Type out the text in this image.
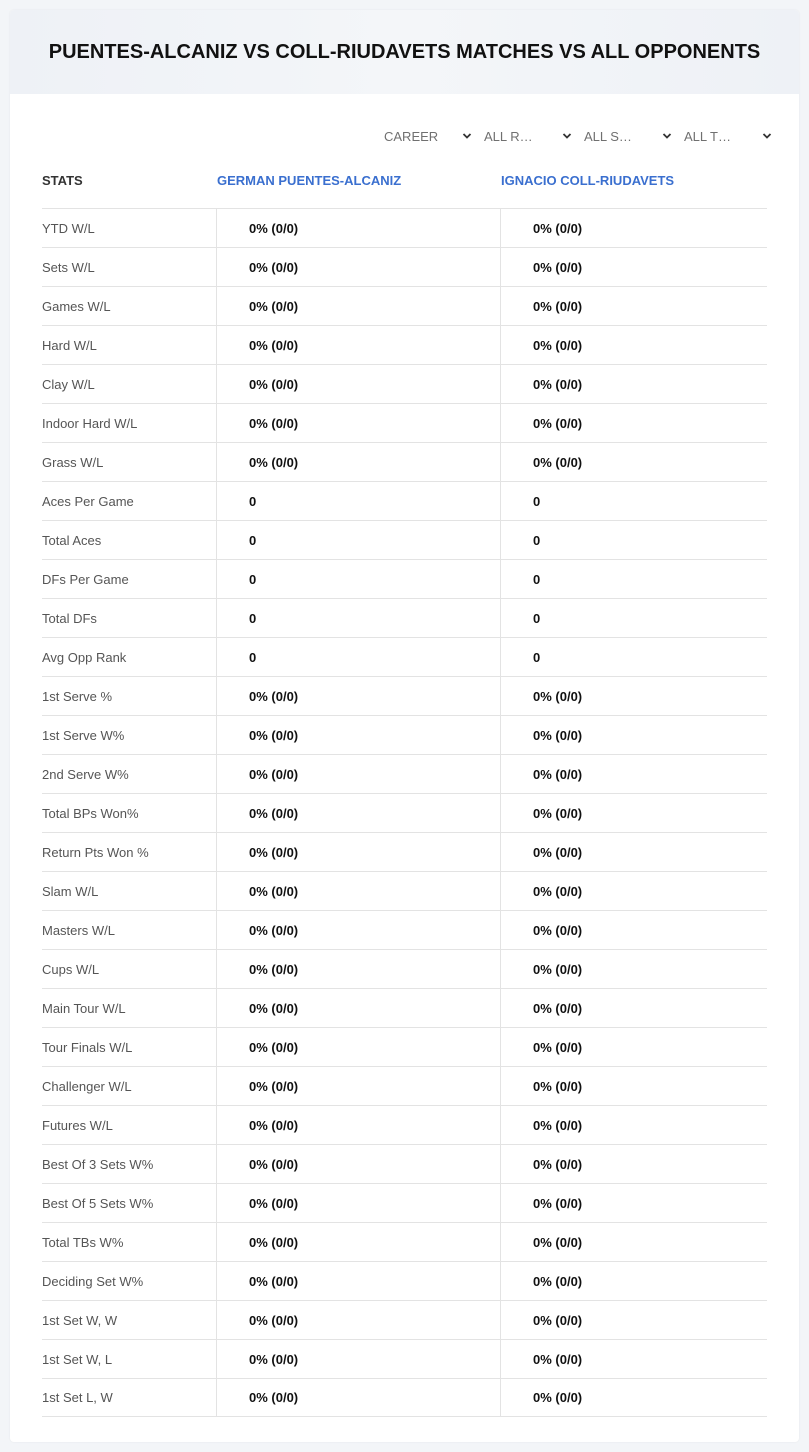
PUENTES-ALCANIZ VS COLL-RIUDAVETS MATCHES VS ALL OPPONENTS
CAREER	ALL R…	ALL S…	ALL T…
STATS	GERMAN PUENTES-ALCANIZ	IGNACIO COLL-RIUDAVETS
YTD W/L	0% (0/0)	0% (0/0)
Sets W/L	0% (0/0)	0% (0/0)
Games W/L	0% (0/0)	0% (0/0)
Hard W/L	0% (0/0)	0% (0/0)
Clay W/L	0% (0/0)	0% (0/0)
Indoor Hard W/L	0% (0/0)	0% (0/0)
Grass W/L	0% (0/0)	0% (0/0)
Aces Per Game	0	0
Total Aces	0	0
DFs Per Game	0	0
Total DFs	0	0
Avg Opp Rank	0	0
1st Serve %	0% (0/0)	0% (0/0)
1st Serve W%	0% (0/0)	0% (0/0)
2nd Serve W%	0% (0/0)	0% (0/0)
Total BPs Won%	0% (0/0)	0% (0/0)
Return Pts Won %	0% (0/0)	0% (0/0)
Slam W/L	0% (0/0)	0% (0/0)
Masters W/L	0% (0/0)	0% (0/0)
Cups W/L	0% (0/0)	0% (0/0)
Main Tour W/L	0% (0/0)	0% (0/0)
Tour Finals W/L	0% (0/0)	0% (0/0)
Challenger W/L	0% (0/0)	0% (0/0)
Futures W/L	0% (0/0)	0% (0/0)
Best Of 3 Sets W%	0% (0/0)	0% (0/0)
Best Of 5 Sets W%	0% (0/0)	0% (0/0)
Total TBs W%	0% (0/0)	0% (0/0)
Deciding Set W%	0% (0/0)	0% (0/0)
1st Set W, W	0% (0/0)	0% (0/0)
1st Set W, L	0% (0/0)	0% (0/0)
1st Set L, W	0% (0/0)	0% (0/0)
